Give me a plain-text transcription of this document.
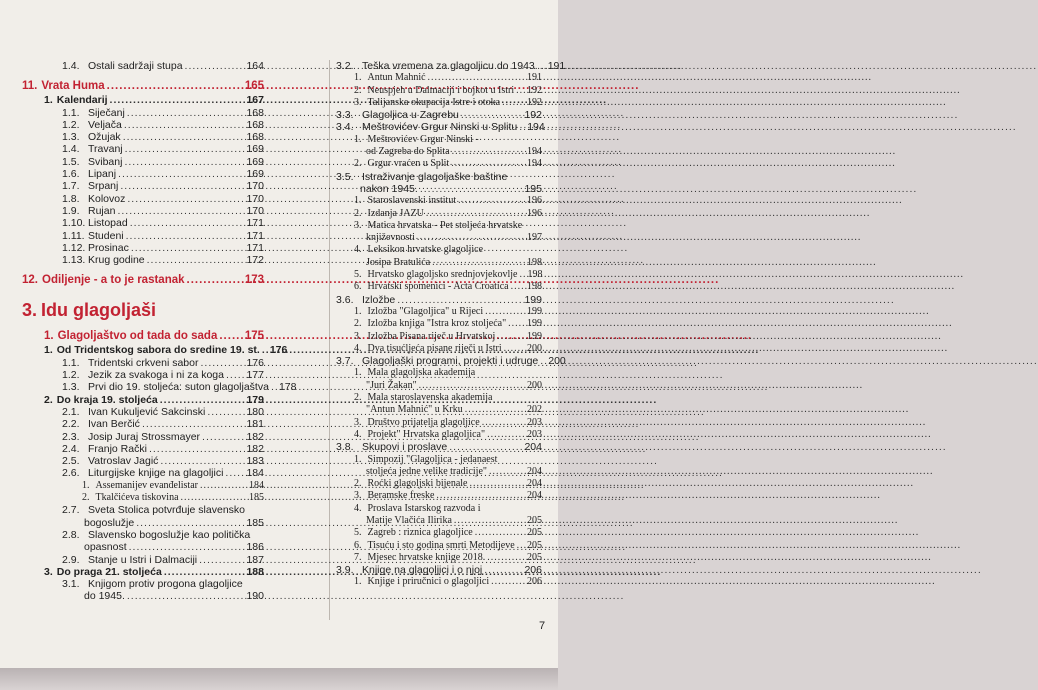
1.4. Ostali sadržaji stupa .....	164
11. Vrata Huma .....	165
1. Kalendarij .....	167
1.1. Siječanj .....	168
1.2. Veljača .....	168
1.3. Ožujak .....	168
1.4. Travanj .....	169
1.5. Svibanj .....	169
1.6. Lipanj .....	169
1.7. Srpanj .....	170
1.8. Kolovoz .....	170
1.9. Rujan .....	170
1.10. Listopad .....	171
1.11. Studeni .....	171
1.12. Prosinac .....	171
1.13. Krug godine .....	172
12. Odiljenje - a to je rastanak .....	173
3. Idu glagoljaši
1. Glagoljaštvo od tada do sada ..... 175
1. Od Tridentskog sabora do sredine 19. st. ..... 176
1.1. Tridentski crkveni sabor .....	176
1.2. Jezik za svakoga i ni za koga ..... 177
1.3. Prvi dio 19. stoljeća: suton glagoljaštva ..... 178
2. Do kraja 19. stoljeća .....	179
2.1. Ivan Kukuljević Sakcinski .....	180
2.2. Ivan Berčić .....	181
2.3. Josip Juraj Strossmayer .....	182
2.4. Franjo Rački .....	182
2.5. Vatroslav Jagić .....	183
2.6. Liturgijske knjige na glagoljici ..... 184
1. Assemanijev evanđelistar .....	184
2. Tkalčićeva tiskovina .....	185
2.7. Sveta Stolica potvrđuje slavensko
bogoslužje .....	185
2.8. Slavensko bogoslužje kao politička
opasnost .....	186
2.9. Stanje u Istri i Dalmaciji .....	187
3. Do praga 21. stoljeća .....	188
3.1. Knjigom protiv progona glagoljice
do 1945. .....	190
3.2. Teška vremena za glagoljicu do 1943. ..... 191
1. Antun Mahnić .....	191
2. Neuspjeh u Dalmaciji i bojkot u Istri ..... 192
3. Talijanska okupacija Istre i otoka .....	192
3.3. Glagoljica u Zagrebu .....	192
3.4. Meštrovićev Grgur Ninski u Splitu ..... 194
1. Meštrovićev Grgur Ninski -
od Zagreba do Splita .....	194
2. Grgur vraćen u Split .....	194
3.5. Istraživanje glagoljaške baštine
nakon 1945. .....	195
1. Staroslavenski institut .....	196
2. Izdanja JAZU .....	196
3. Matica hrvatska - Pet stoljeća hrvatske
književnosti .....	197
4. Leksikon hrvatske glagoljice
Josipa Bratulića .....	198
5. Hrvatsko glagoljsko srednjovjekovlje ..... 198
6. Hrvatski spomenici - Acta Croatica ..... 198
3.6. Izložbe .....	199
1. Izložba "Glagoljica" u Rijeci .....	199
2. Izložba knjiga "Istra kroz stoljeća" ..... 199
3. Izložba Pisana riječ u Hrvatskoj .....	199
4. Dva tisućljeća pisane riječi u Istri .....	200
3.7. Glagoljaški programi, projekti i udruge ..... 200
1. Mala glagoljska akademija
"Juri Žakan" .....	200
2. Mala staroslavenska akademija
"Antun Mahnić" u Krku .....	202
3. Društvo prijatelja glagoljice .....	203
4. Projekt" Hrvatska glagoljica" .....	203
3.8. Skupovi i proslave .....	204
1. Simpozij "Glagoljica - jedanaest
stoljeća jedne velike tradicije" .....	204
2. Roćki glagoljski bijenale .....	204
3. Beramske freske .....	204
4. Proslava Istarskog razvoda i
Matije Vlačića Ilirika .....	205
5. Zagreb : riznica glagoljice .....	205
6. Tisuću i sto godina smrti Metodijeve ..... 205
7. Mjesec hrvatske knjige 2018. .....	205
3.9. Knjige na glagoljici i o njoj .....	206
1. Knjige i priručnici o glagoljici .....	206
7
